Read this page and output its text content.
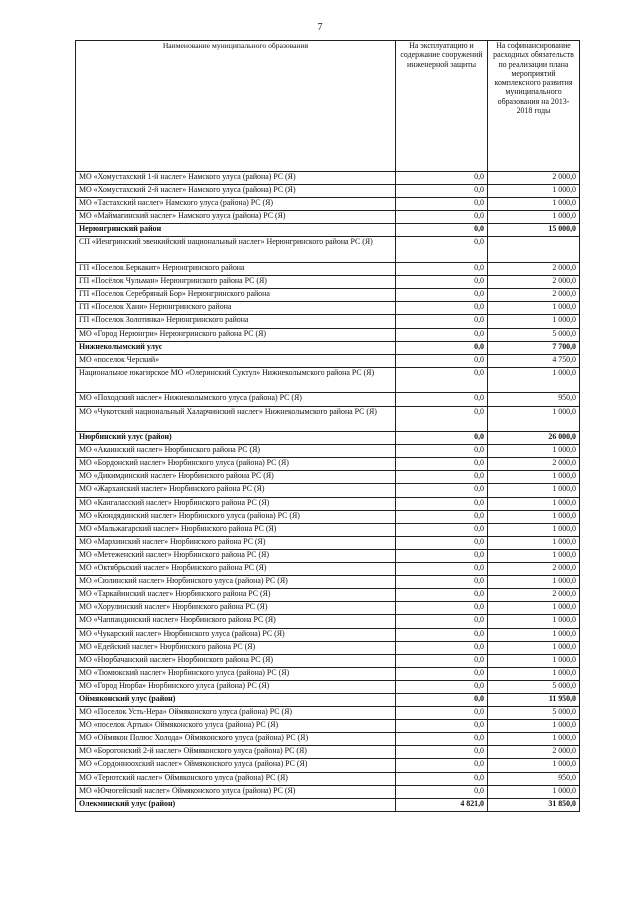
7
Наименование муниципального образования	На эксплуатацию и содержание сооружений инженерной защиты	На софинансирование расходных обязательств по реализации плана мероприятий комплексного развития муниципального образования на 2013-2018 годы
МО «Хомустахский 1-й наслег» Намского улуса (района) РС (Я)	0,0	2 000,0
МО «Хомустахский 2-й наслег» Намского улуса (района) РС (Я)	0,0	1 000,0
МО «Тастахский наслег» Намского улуса (района) РС (Я)	0,0	1 000,0
МО «Маймагинский наслег» Намского улуса (района) РС (Я)	0,0	1 000,0
Нерюнгринский район	0,0	15 000,0
СП «Иенгринский эвенкийский национальный наслег» Нерюнгринского района РС (Я)	0,0	
ГП «Поселок Беркакит» Нерюнгринского района	0,0	2 000,0
ГП «Посёлок Чульман» Нерюнгринского района РС (Я)	0,0	2 000,0
ГП «Поселок Серебряный Бор» Нерюнгринского района	0,0	2 000,0
ГП «Поселок Хани» Нерюнгринского района	0,0	1 000,0
ГП «Поселок Золотинка» Нерюнгринского района	0,0	1 000,0
МО «Город Нерюнгри» Нерюнгринского района РС (Я)	0,0	5 000,0
Нижнеколымский улус	0,0	7 700,0
МО «поселок Черский»	0,0	4 750,0
Национальное юкагирское МО «Олеринский Суктул» Нижнеколымского района РС (Я)	0,0	1 000,0
МО «Походский наслег» Нижнеколымского улуса (района) РС (Я)	0,0	950,0
МО «Чукотский национальный Халарчинский наслег» Нижнеколымского района РС (Я)	0,0	1 000,0
Нюрбинский улус (район)	0,0	26 000,0
МО «Акаинский наслег» Нюрбинского района РС (Я)	0,0	1 000,0
МО «Бордонский наслег» Нюрбинского улуса (района) РС (Я)	0,0	2 000,0
МО «Дикимдинский наслег» Нюрбинского района РС (Я)	0,0	1 000,0
МО «Жарханский наслег» Нюрбинского района РС (Я)	0,0	1 000,0
МО «Кангаласский наслег» Нюрбинского района РС (Я)	0,0	1 000,0
МО «Кюндядинский наслег» Нюрбинского улуса (района) РС (Я)	0,0	1 000,0
МО «Мальжагарский наслег» Нюрбинского района РС (Я)	0,0	1 000,0
МО «Мархинский наслег» Нюрбинского района РС (Я)	0,0	1 000,0
МО «Метеженский наслег» Нюрбинского района РС (Я)	0,0	1 000,0
МО «Октябрьский наслег» Нюрбинского района РС (Я)	0,0	2 000,0
МО «Сюлинский наслег» Нюрбинского улуса (района) РС (Я)	0,0	1 000,0
МО «Таркайинский наслег» Нюрбинского района РС (Я)	0,0	2 000,0
МО «Хорулинский наслег» Нюрбинского района РС (Я)	0,0	1 000,0
МО «Чаппандинский наслег» Нюрбинского района РС (Я)	0,0	1 000,0
МО «Чукарский наслег» Нюрбинского улуса (района) РС (Я)	0,0	1 000,0
МО «Едейский наслег» Нюрбинского района РС (Я)	0,0	1 000,0
МО «Нюрбачанский наслег» Нюрбинского района РС (Я)	0,0	1 000,0
МО «Тюмюкский наслег» Нюрбинского улуса (района) РС (Я)	0,0	1 000,0
МО «Город Нюрба» Нюрбинского улуса (района) РС (Я)	0,0	5 000,0
Оймяконский улус (район)	0,0	11 950,0
МО «Поселок Усть-Нера» Оймяконского улуса (района) РС (Я)	0,0	5 000,0
МО «поселок Артык» Оймяконского улуса (района) РС (Я)	0,0	1 000,0
МО «Оймякон Полюс Холода» Оймяконского улуса (района) РС (Я)	0,0	1 000,0
МО «Борогонский 2-й наслег» Оймяконского улуса (района) РС (Я)	0,0	2 000,0
МО «Сордонноохский наслег» Оймяконского улуса (района) РС (Я)	0,0	1 000,0
МО «Терютский наслег» Оймяконского улуса (района) РС (Я)	0,0	950,0
МО «Ючюгейский наслег» Оймяконского улуса (района) РС (Я)	0,0	1 000,0
Олекминский улус (район)	4 821,0	31 850,0
